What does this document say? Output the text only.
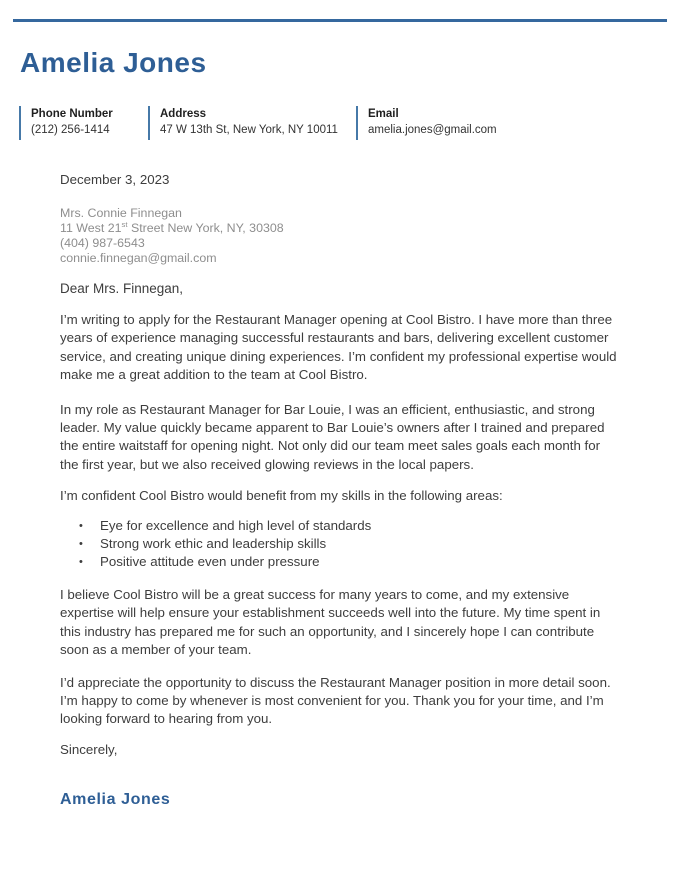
Amelia Jones
Phone Number
(212) 256-1414
Address
47 W 13th St, New York, NY 10011
Email
amelia.jones@gmail.com

December 3, 2023

Mrs. Connie Finnegan
11 West 21st Street New York, NY, 30308
(404) 987-6543
connie.finnegan@gmail.com

Dear Mrs. Finnegan,

I’m writing to apply for the Restaurant Manager opening at Cool Bistro. I have more than three years of experience managing successful restaurants and bars, delivering excellent customer service, and creating unique dining experiences. I’m confident my professional expertise would make me a great addition to the team at Cool Bistro.

In my role as Restaurant Manager for Bar Louie, I was an efficient, enthusiastic, and strong leader. My value quickly became apparent to Bar Louie’s owners after I trained and prepared the entire waitstaff for opening night. Not only did our team meet sales goals each month for the first year, but we also received glowing reviews in the local papers.

I’m confident Cool Bistro would benefit from my skills in the following areas:

• Eye for excellence and high level of standards
• Strong work ethic and leadership skills
• Positive attitude even under pressure

I believe Cool Bistro will be a great success for many years to come, and my extensive expertise will help ensure your establishment succeeds well into the future. My time spent in this industry has prepared me for such an opportunity, and I sincerely hope I can contribute soon as a member of your team.

I’d appreciate the opportunity to discuss the Restaurant Manager position in more detail soon. I’m happy to come by whenever is most convenient for you. Thank you for your time, and I’m looking forward to hearing from you.

Sincerely,

Amelia Jones
